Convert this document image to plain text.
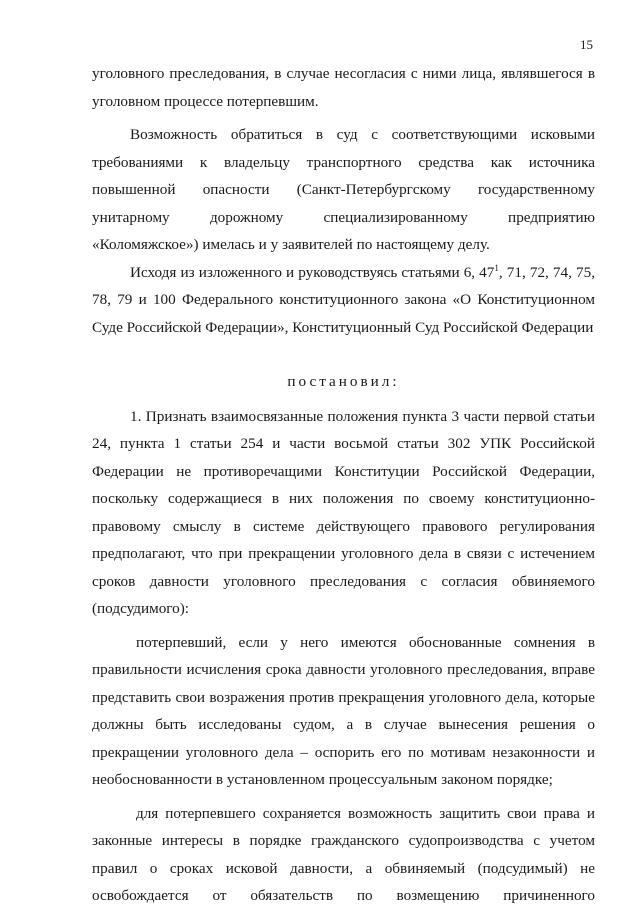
15

уголовного преследования, в случае несогласия с ними лица, являвшегося в уголовном процессе потерпевшим.

Возможность обратиться в суд с соответствующими исковыми требованиями к владельцу транспортного средства как источника повышенной опасности (Санкт-Петербургскому государственному унитарному дорожному специализированному предприятию «Коломяжское») имелась и у заявителей по настоящему делу.

Исходя из изложенного и руководствуясь статьями 6, $47^1$, 71, 72, 74, 75, 78, 79 и 100 Федерального конституционного закона «О Конституционном Суде Российской Федерации», Конституционный Суд Российской Федерации

постановил:

1. Признать взаимосвязанные положения пункта 3 части первой статьи 24, пункта 1 статьи 254 и части восьмой статьи 302 УПК Российской Федерации не противоречащими Конституции Российской Федерации, поскольку содержащиеся в них положения по своему конституционно-правовому смыслу в системе действующего правового регулирования предполагают, что при прекращении уголовного дела в связи с истечением сроков давности уголовного преследования с согласия обвиняемого (подсудимого):

потерпевший, если у него имеются обоснованные сомнения в правильности исчисления срока давности уголовного преследования, вправе представить свои возражения против прекращения уголовного дела, которые должны быть исследованы судом, а в случае вынесения решения о прекращении уголовного дела – оспорить его по мотивам незаконности и необоснованности в установленном процессуальным законом порядке;

для потерпевшего сохраняется возможность защитить свои права и законные интересы в порядке гражданского судопроизводства с учетом правил о сроках исковой давности, а обвиняемый (подсудимый) не освобождается от обязательств по возмещению причиненного
